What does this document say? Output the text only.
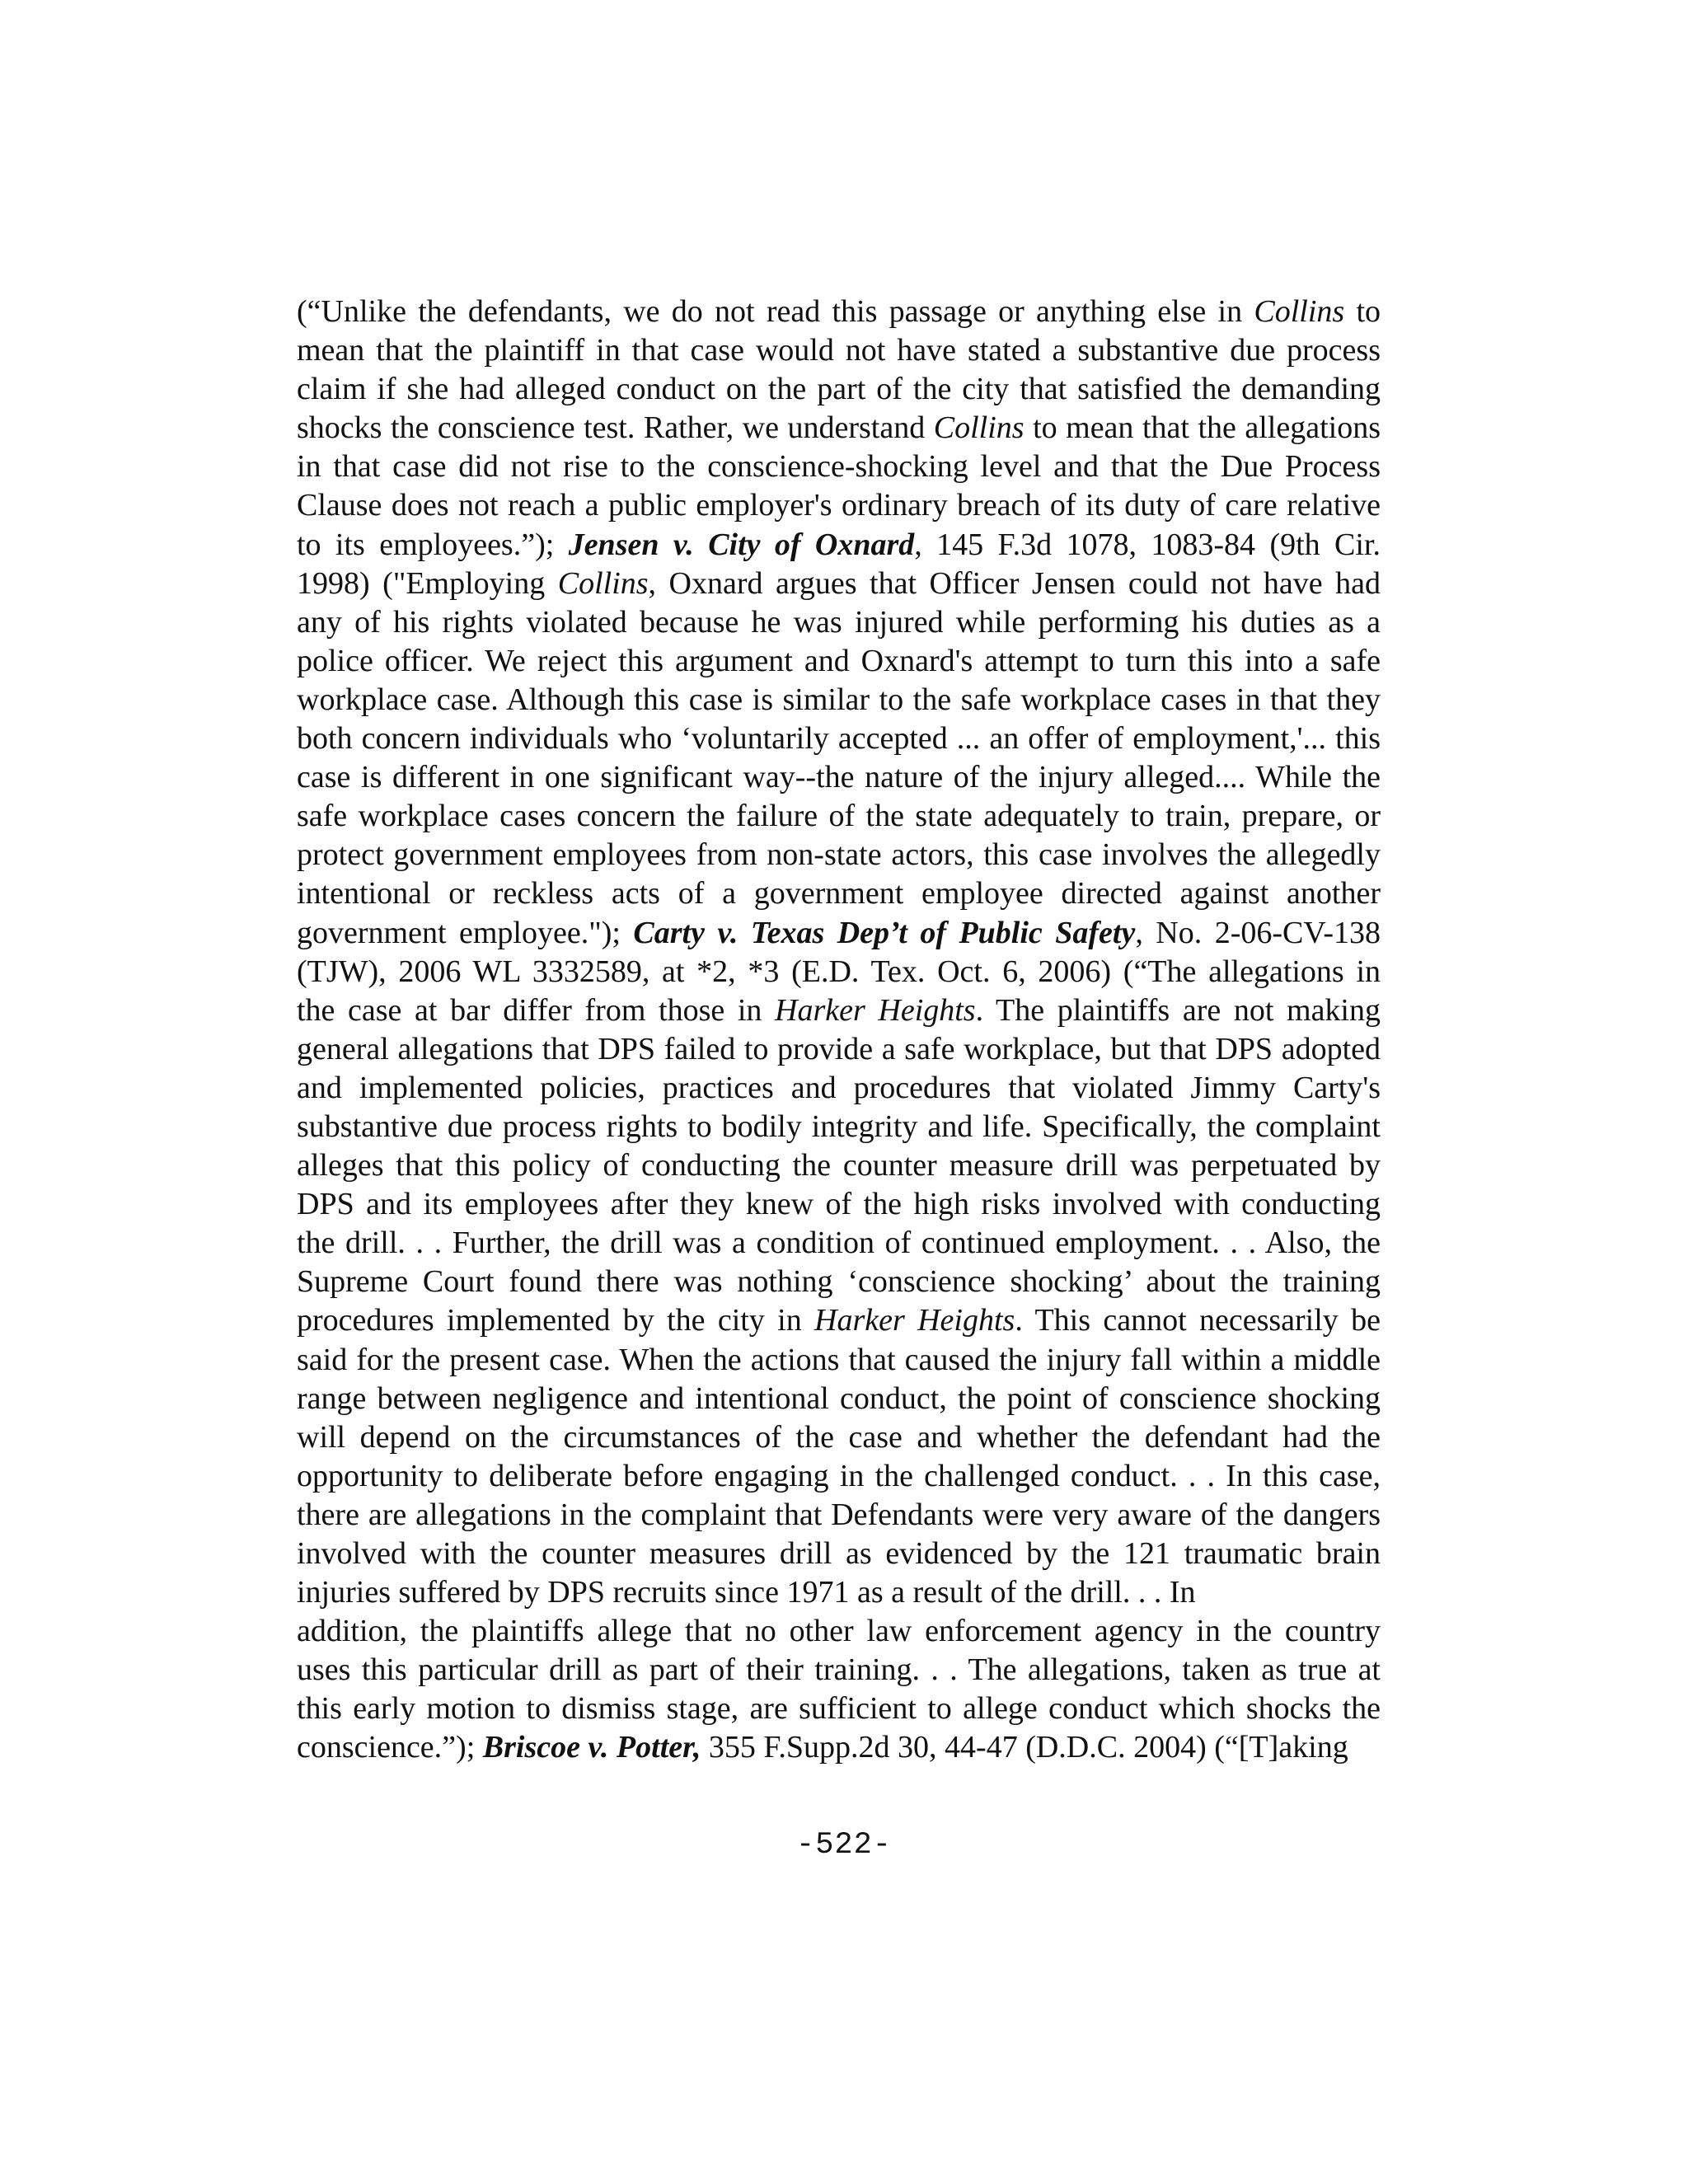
(“Unlike the defendants, we do not read this passage or anything else in Collins to
mean that the plaintiff in that case would not have stated a substantive due process
claim if she had alleged conduct on the part of the city that satisfied the demanding
shocks the conscience test. Rather, we understand Collins to mean that the allegations
in that case did not rise to the conscience-shocking level and that the Due Process
Clause does not reach a public employer's ordinary breach of its duty of care relative
to its employees.”); Jensen v. City of Oxnard, 145 F.3d 1078, 1083-84 (9th Cir.
1998) ("Employing Collins, Oxnard argues that Officer Jensen could not have had
any of his rights violated because he was injured while performing his duties as a
police officer. We reject this argument and Oxnard's attempt to turn this into a safe
workplace case. Although this case is similar to the safe workplace cases in that they
both concern individuals who ‘voluntarily accepted ... an offer of employment,'... this
case is different in one significant way--the nature of the injury alleged.... While the
safe workplace cases concern the failure of the state adequately to train, prepare, or
protect government employees from non-state actors, this case involves the allegedly
intentional or reckless acts of a government employee directed against another
government employee."); Carty v. Texas Dep’t of Public Safety, No. 2-06-CV-138
(TJW), 2006 WL 3332589, at *2, *3 (E.D. Tex. Oct. 6, 2006) (“The allegations in
the case at bar differ from those in Harker Heights. The plaintiffs are not making
general allegations that DPS failed to provide a safe workplace, but that DPS adopted
and implemented policies, practices and procedures that violated Jimmy Carty's
substantive due process rights to bodily integrity and life. Specifically, the complaint
alleges that this policy of conducting the counter measure drill was perpetuated by
DPS and its employees after they knew of the high risks involved with conducting
the drill. . . Further, the drill was a condition of continued employment. . . Also, the
Supreme Court found there was nothing ‘conscience shocking’ about the training
procedures implemented by the city in Harker Heights. This cannot necessarily be
said for the present case. When the actions that caused the injury fall within a middle
range between negligence and intentional conduct, the point of conscience shocking
will depend on the circumstances of the case and whether the defendant had the
opportunity to deliberate before engaging in the challenged conduct. . . In this case,
there are allegations in the complaint that Defendants were very aware of the dangers
involved with the counter measures drill as evidenced by the 121 traumatic brain
injuries suffered by DPS recruits since 1971 as a result of the drill. . . In
addition, the plaintiffs allege that no other law enforcement agency in the country
uses this particular drill as part of their training. . . The allegations, taken as true at
this early motion to dismiss stage, are sufficient to allege conduct which shocks the
conscience.”); Briscoe v. Potter, 355 F.Supp.2d 30, 44-47 (D.D.C. 2004) (“[T]aking
-522-
